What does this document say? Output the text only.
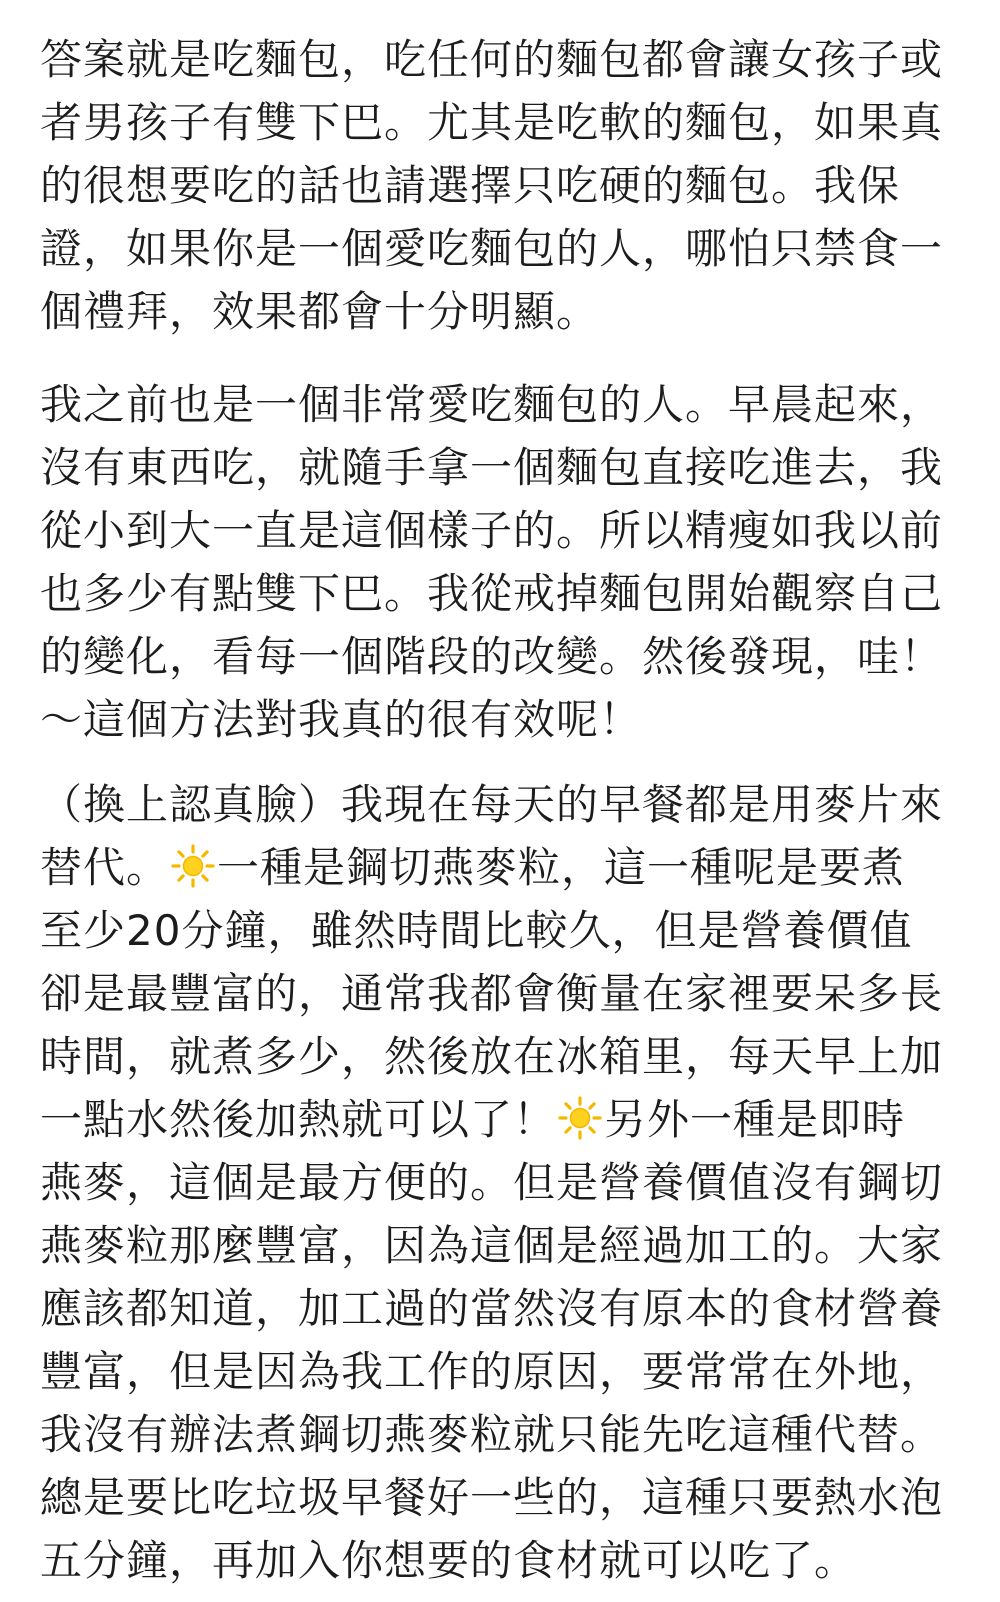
答案就是吃麵包，吃任何的麵包都會讓女孩子或
者男孩子有雙下巴。尤其是吃軟的麵包，如果真
的很想要吃的話也請選擇只吃硬的麵包。我保
證，如果你是一個愛吃麵包的人，哪怕只禁食一
個禮拜，效果都會十分明顯。
我之前也是一個非常愛吃麵包的人。早晨起來，
沒有東西吃，就隨手拿一個麵包直接吃進去，我
從小到大一直是這個樣子的。所以精瘦如我以前
也多少有點雙下巴。我從戒掉麵包開始觀察自己
的變化，看每一個階段的改變。然後發現，哇！
～這個方法對我真的很有效呢！
（換上認真臉）我現在每天的早餐都是用麥片來
替代。 一種是鋼切燕麥粒，這一種呢是要煮
至少20分鐘，雖然時間比較久，但是營養價值
卻是最豐富的，通常我都會衡量在家裡要呆多長
時間，就煮多少，然後放在冰箱里，每天早上加
一點水然後加熱就可以了！ 另外一種是即時
燕麥，這個是最方便的。但是營養價值沒有鋼切
燕麥粒那麼豐富，因為這個是經過加工的。大家
應該都知道，加工過的當然沒有原本的食材營養
豐富，但是因為我工作的原因，要常常在外地，
我沒有辦法煮鋼切燕麥粒就只能先吃這種代替。
總是要比吃垃圾早餐好一些的，這種只要熱水泡
五分鐘，再加入你想要的食材就可以吃了。
